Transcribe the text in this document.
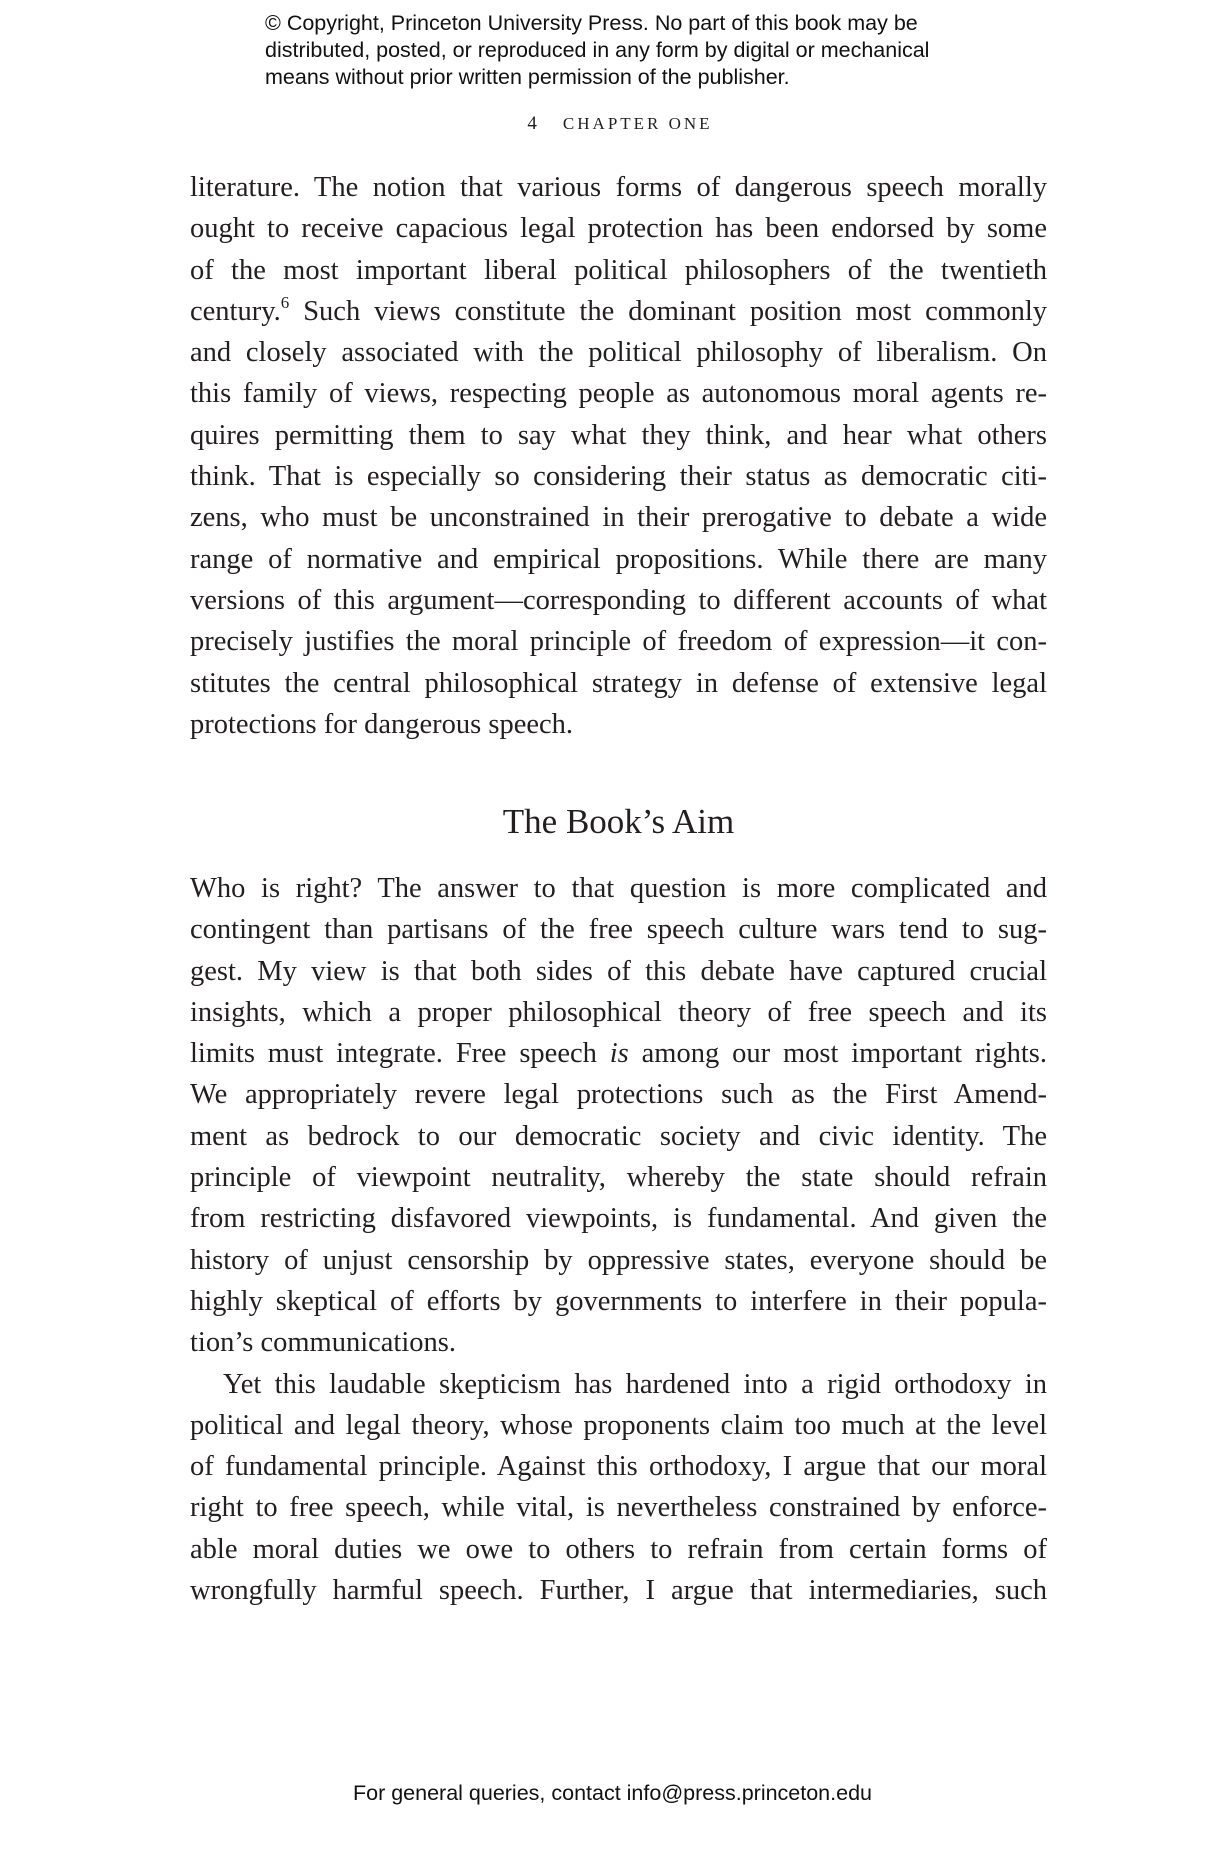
© Copyright, Princeton University Press. No part of this book may be
distributed, posted, or reproduced in any form by digital or mechanical
means without prior written permission of the publisher.
4 CHAPTER ONE
literature. The notion that various forms of dangerous speech morally
ought to receive capacious legal protection has been endorsed by some
of the most important liberal political philosophers of the twentieth
century.$^6$ Such views constitute the dominant position most commonly
and closely associated with the political philosophy of liberalism. On
this family of views, respecting people as autonomous moral agents re-
quires permitting them to say what they think, and hear what others
think. That is especially so considering their status as democratic citi-
zens, who must be unconstrained in their prerogative to debate a wide
range of normative and empirical propositions. While there are many
versions of this argument—corresponding to different accounts of what
precisely justifies the moral principle of freedom of expression—it con-
stitutes the central philosophical strategy in defense of extensive legal
protections for dangerous speech.
The Book’s Aim
Who is right? The answer to that question is more complicated and
contingent than partisans of the free speech culture wars tend to sug-
gest. My view is that both sides of this debate have captured crucial
insights, which a proper philosophical theory of free speech and its
limits must integrate. Free speech is among our most important rights.
We appropriately revere legal protections such as the First Amend-
ment as bedrock to our democratic society and civic identity. The
principle of viewpoint neutrality, whereby the state should refrain
from restricting disfavored viewpoints, is fundamental. And given the
history of unjust censorship by oppressive states, everyone should be
highly skeptical of efforts by governments to interfere in their popula-
tion’s communications.
Yet this laudable skepticism has hardened into a rigid orthodoxy in
political and legal theory, whose proponents claim too much at the level
of fundamental principle. Against this orthodoxy, I argue that our moral
right to free speech, while vital, is nevertheless constrained by enforce-
able moral duties we owe to others to refrain from certain forms of
wrongfully harmful speech. Further, I argue that intermediaries, such
For general queries, contact info@press.princeton.edu
